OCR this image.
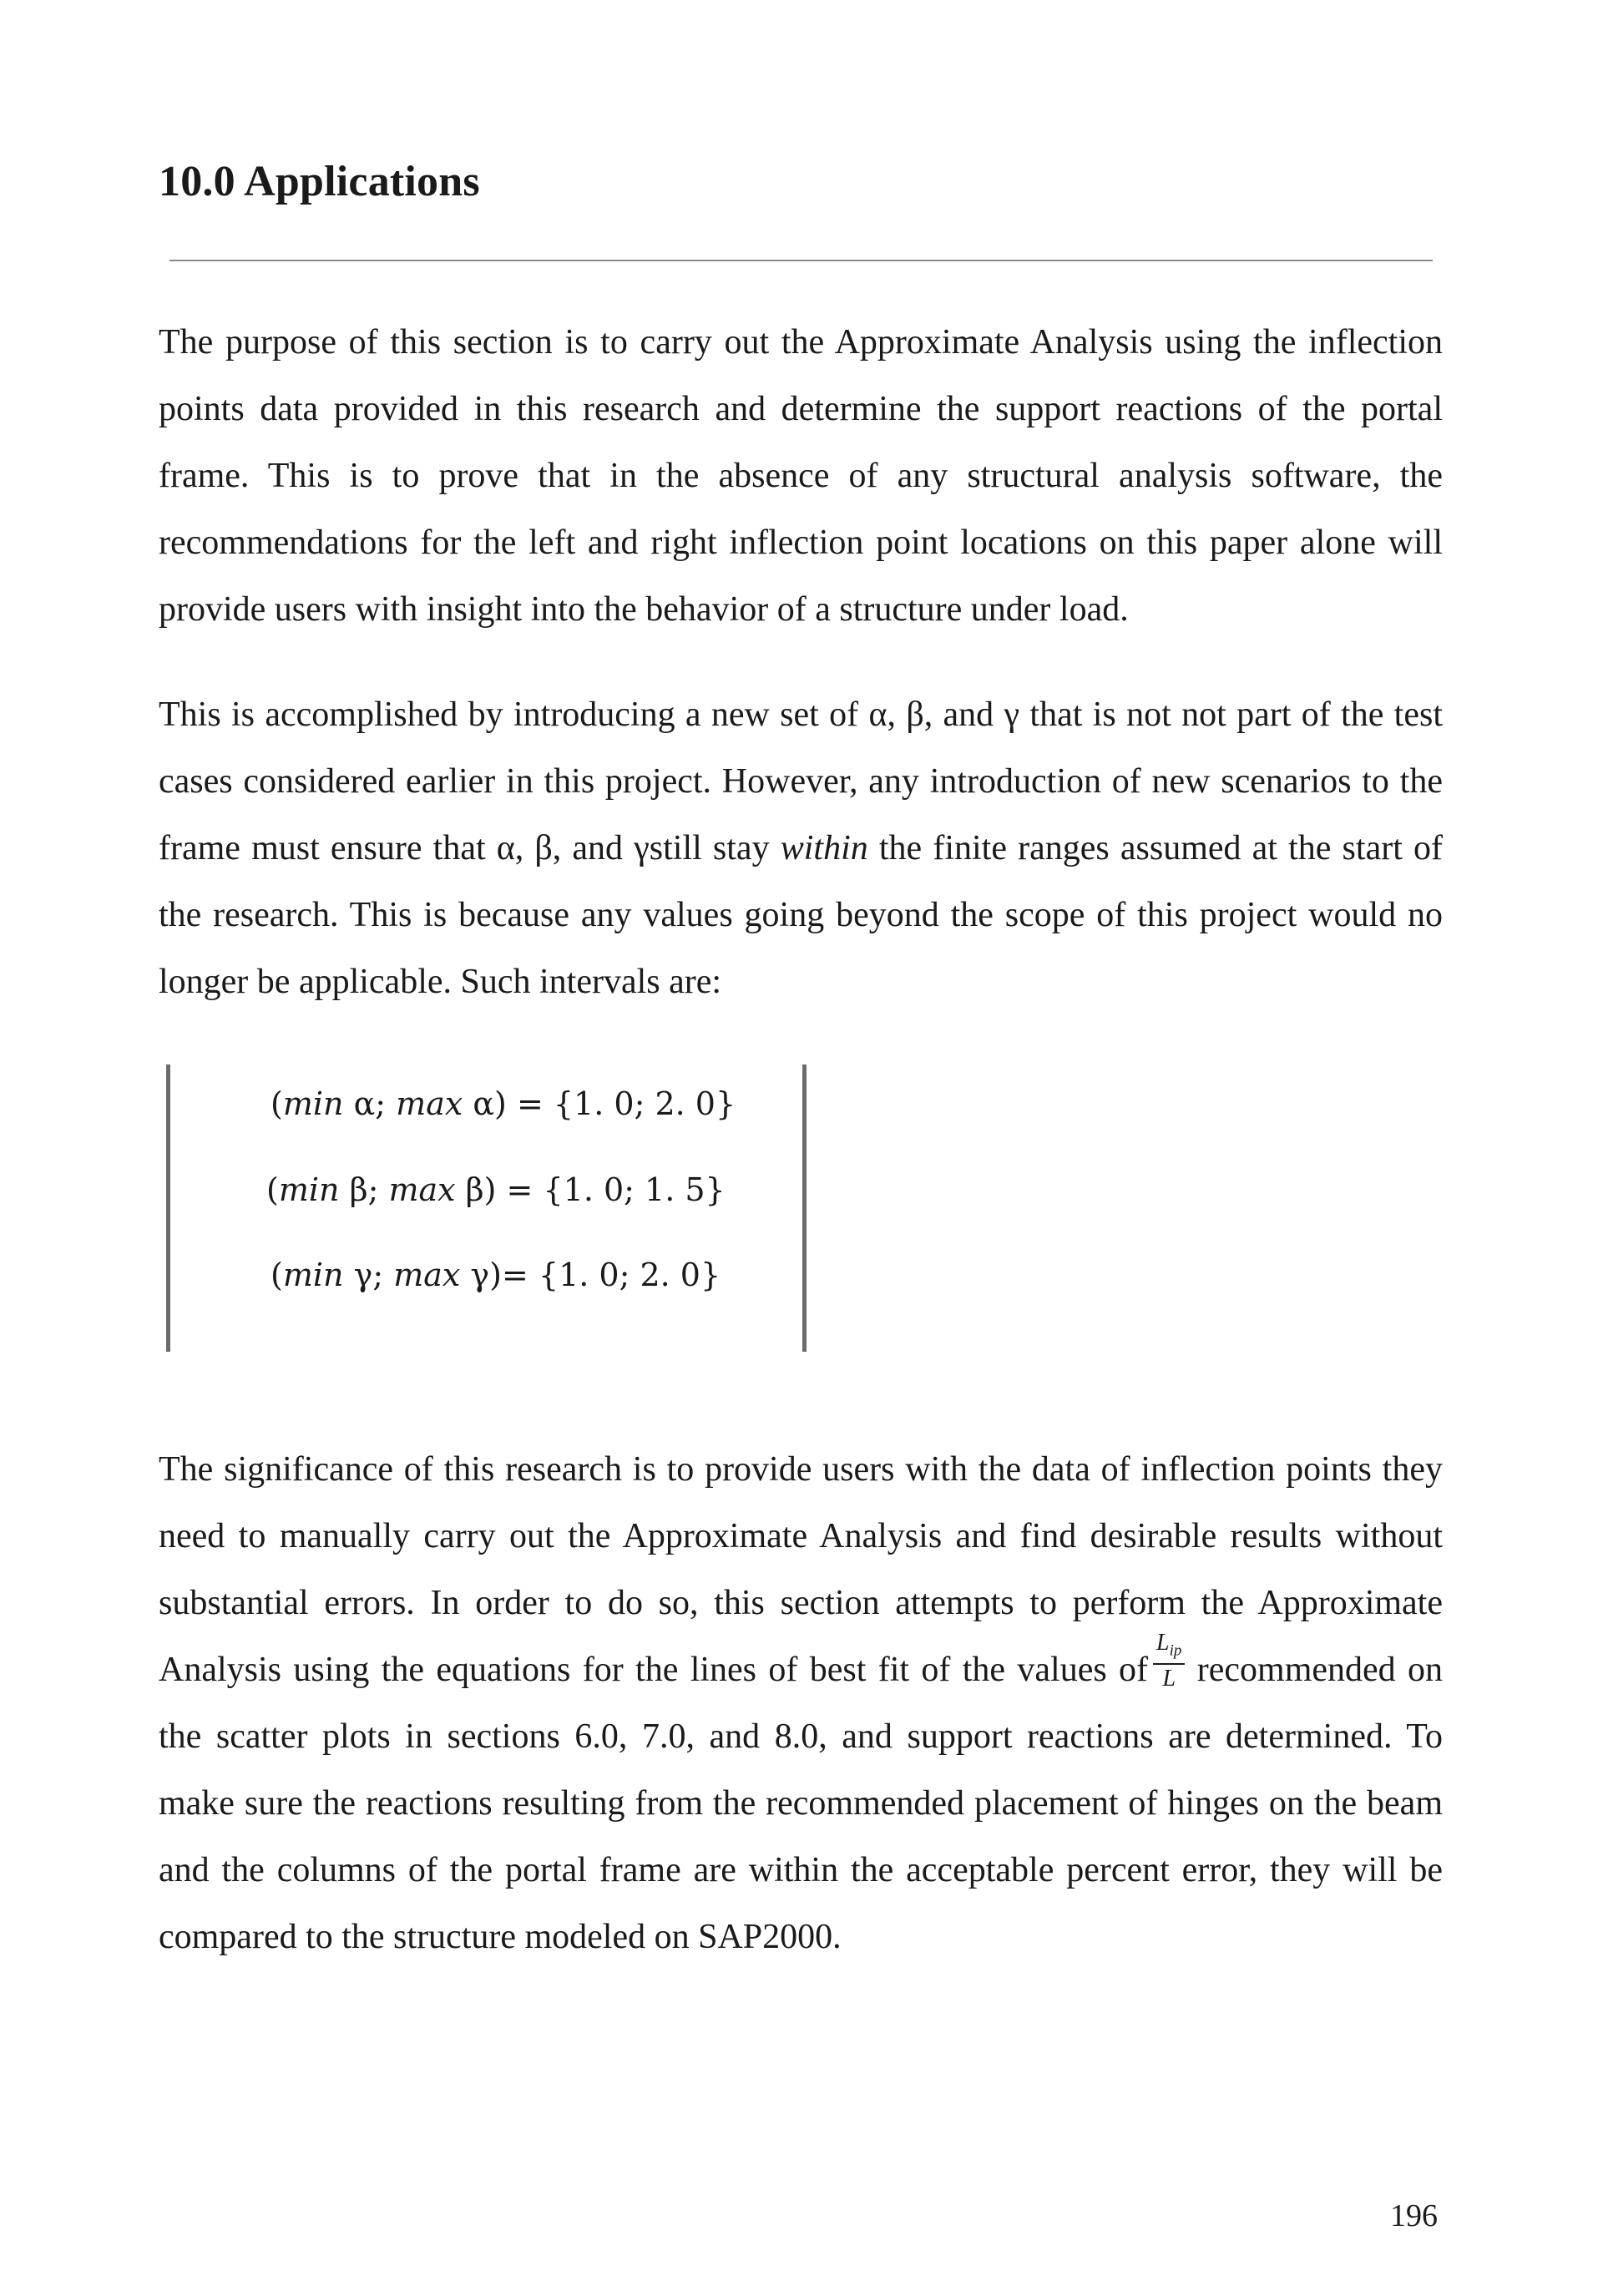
10.0 Applications

The purpose of this section is to carry out the Approximate Analysis using the inflection points data provided in this research and determine the support reactions of the portal frame. This is to prove that in the absence of any structural analysis software, the recommendations for the left and right inflection point locations on this paper alone will provide users with insight into the behavior of a structure under load.

This is accomplished by introducing a new set of α, β, and γ that is not not part of the test cases considered earlier in this project. However, any introduction of new scenarios to the frame must ensure that α, β, and γstill stay within the finite ranges assumed at the start of the research. This is because any values going beyond the scope of this project would no longer be applicable. Such intervals are:

(min α; max α) = {1. 0; 2. 0}
(min β; max β) = {1. 0; 1. 5}
(min γ; max γ)= {1. 0; 2. 0}

The significance of this research is to provide users with the data of inflection points they need to manually carry out the Approximate Analysis and find desirable results without substantial errors. In order to do so, this section attempts to perform the Approximate Analysis using the equations for the lines of best fit of the values of $\frac{L_{ip}}{L}$ recommended on the scatter plots in sections 6.0, 7.0, and 8.0, and support reactions are determined. To make sure the reactions resulting from the recommended placement of hinges on the beam and the columns of the portal frame are within the acceptable percent error, they will be compared to the structure modeled on SAP2000.

196
